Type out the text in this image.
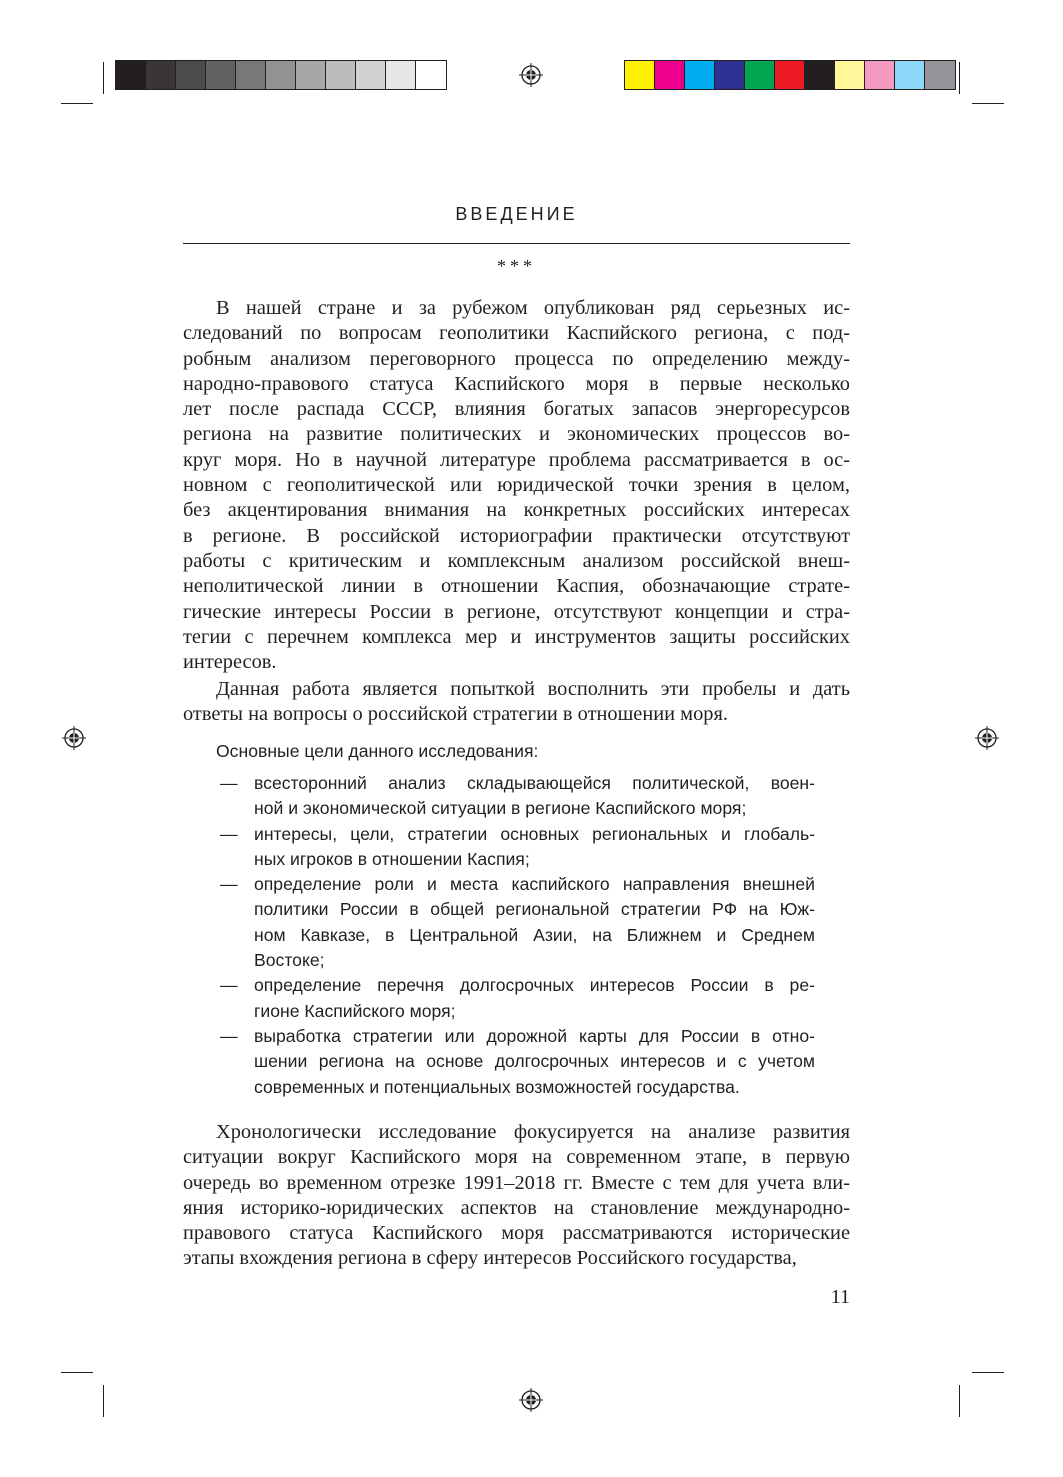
ВВЕДЕНИЕ
***
В нашей стране и за рубежом опубликован ряд серьезных ис-
следований по вопросам геополитики Каспийского региона, с под-
робным анализом переговорного процесса по определению между-
народно-правового статуса Каспийского моря в первые несколько
лет после распада СССР, влияния богатых запасов энергоресурсов
региона на развитие политических и экономических процессов во-
круг моря. Но в научной литературе проблема рассматривается в ос-
новном с геополитической или юридической точки зрения в целом,
без акцентирования внимания на конкретных российских интересах
в регионе. В российской историографии практически отсутствуют
работы с критическим и комплексным анализом российской внеш-
неполитической линии в отношении Каспия, обозначающие страте-
гические интересы России в регионе, отсутствуют концепции и стра-
тегии с перечнем комплекса мер и инструментов защиты российских
интересов.
Данная работа является попыткой восполнить эти пробелы и дать
ответы на вопросы о российской стратегии в отношении моря.
Основные цели данного исследования:
— всесторонний анализ складывающейся политической, воен-
ной и экономической ситуации в регионе Каспийского моря;
— интересы, цели, стратегии основных региональных и глобаль-
ных игроков в отношении Каспия;
— определение роли и места каспийского направления внешней
политики России в общей региональной стратегии РФ на Юж-
ном Кавказе, в Центральной Азии, на Ближнем и Среднем
Востоке;
— определение перечня долгосрочных интересов России в ре-
гионе Каспийского моря;
— выработка стратегии или дорожной карты для России в отно-
шении региона на основе долгосрочных интересов и с учетом
современных и потенциальных возможностей государства.
Хронологически исследование фокусируется на анализе развития
ситуации вокруг Каспийского моря на современном этапе, в первую
очередь во временном отрезке 1991–2018 гг. Вместе с тем для учета вли-
яния историко-юридических аспектов на становление международно-
правового статуса Каспийского моря рассматриваются исторические
этапы вхождения региона в сферу интересов Российского государства,
11
